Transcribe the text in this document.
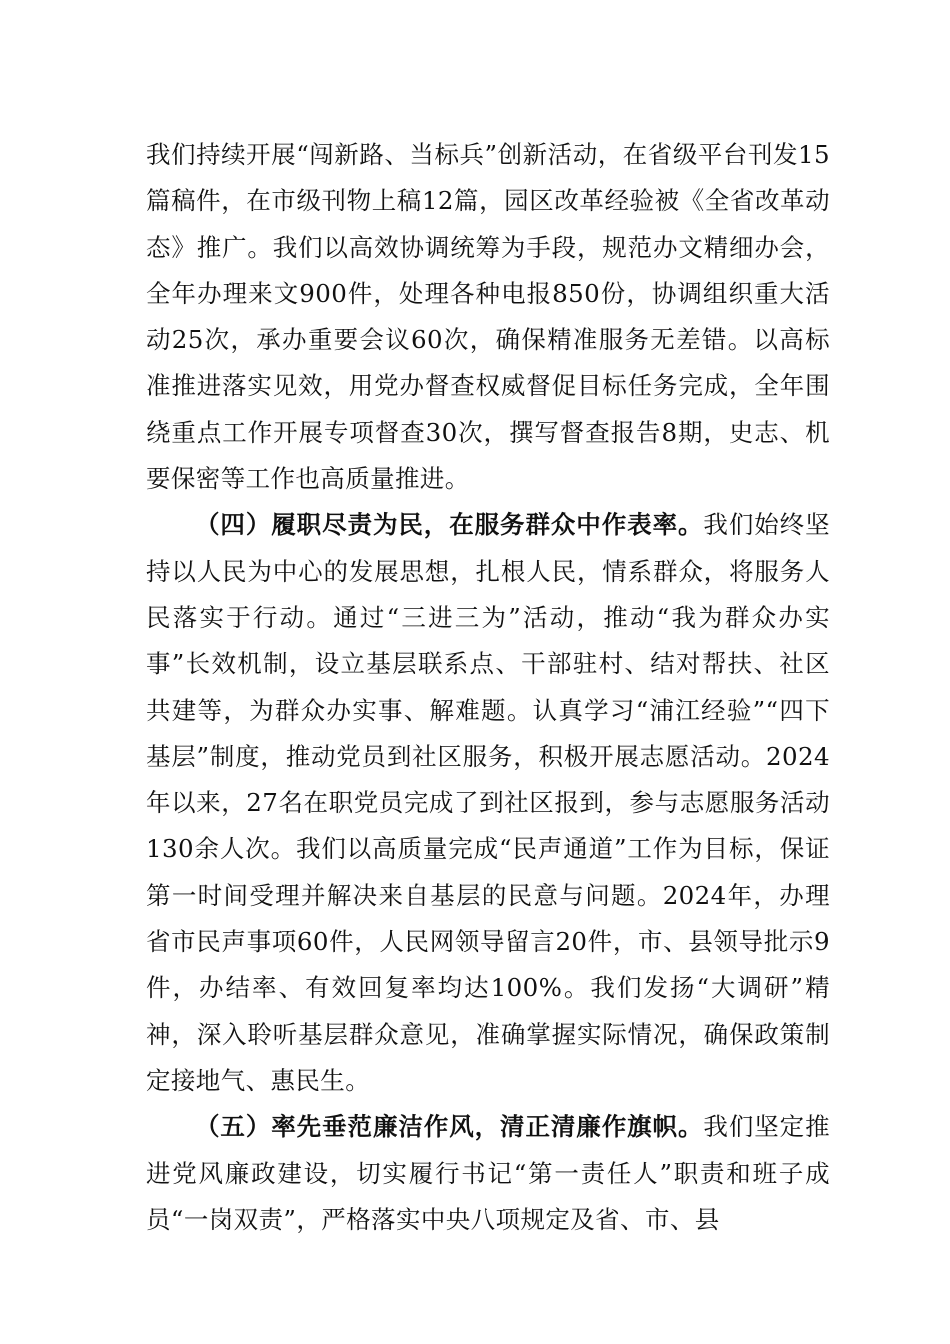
我们持续开展“闯新路、当标兵”创新活动，在省级平台刊发15篇稿件，在市级刊物上稿12篇，园区改革经验被《全省改革动态》推广。我们以高效协调统筹为手段，规范办文精细办会，全年办理来文900件，处理各种电报850份，协调组织重大活动25次，承办重要会议60次，确保精准服务无差错。以高标准推进落实见效，用党办督查权威督促目标任务完成，全年围绕重点工作开展专项督查30次，撰写督查报告8期，史志、机要保密等工作也高质量推进。

（四）履职尽责为民，在服务群众中作表率。我们始终坚持以人民为中心的发展思想，扎根人民，情系群众，将服务人民落实于行动。通过“三进三为”活动，推动“我为群众办实事”长效机制，设立基层联系点、干部驻村、结对帮扶、社区共建等，为群众办实事、解难题。认真学习“浦江经验”“四下基层”制度，推动党员到社区服务，积极开展志愿活动。2024年以来，27名在职党员完成了到社区报到，参与志愿服务活动130余人次。我们以高质量完成“民声通道”工作为目标，保证第一时间受理并解决来自基层的民意与问题。2024年，办理省市民声事项60件，人民网领导留言20件，市、县领导批示9件，办结率、有效回复率均达100%。我们发扬“大调研”精神，深入聆听基层群众意见，准确掌握实际情况，确保政策制定接地气、惠民生。

（五）率先垂范廉洁作风，清正清廉作旗帜。我们坚定推进党风廉政建设，切实履行书记“第一责任人”职责和班子成员“一岗双责”，严格落实中央八项规定及省、市、县
